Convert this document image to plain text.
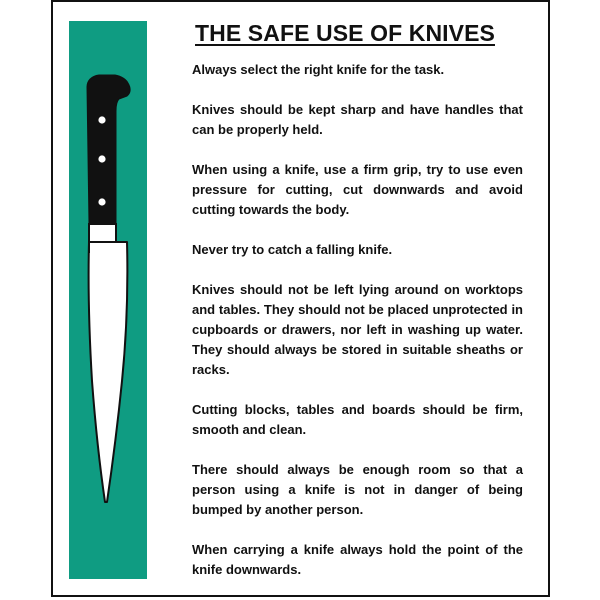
THE SAFE USE OF KNIVES
Always select the right knife for the task.
Knives should be kept sharp and have handles that can be properly held.
When using a knife, use a firm grip, try to use even pressure for cutting, cut downwards and avoid cutting towards the body.
Never try to catch a falling knife.
Knives should not be left lying around on worktops and tables. They should not be placed unprotected in cupboards or drawers, nor left in washing up water. They should always be stored in suitable sheaths or racks.
Cutting blocks, tables and boards should be firm, smooth and clean.
There should always be enough room so that a person using a knife is not in danger of being bumped by another person.
When carrying a knife always hold the point of the knife downwards.
